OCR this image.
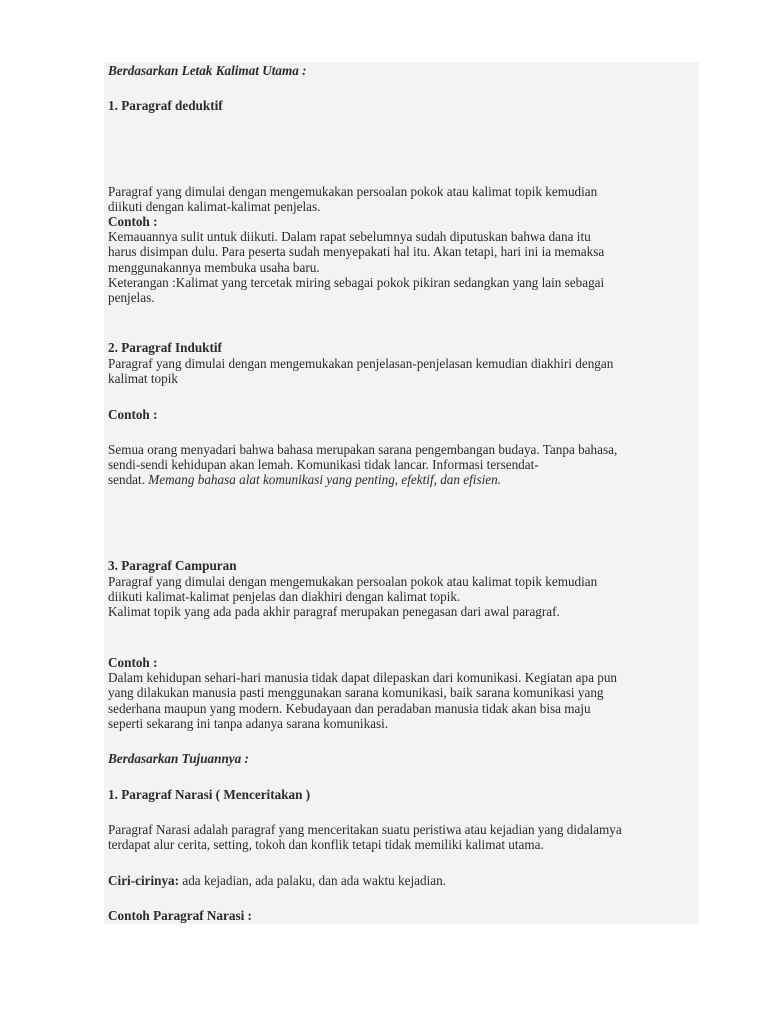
Berdasarkan Letak Kalimat Utama :

1. Paragraf deduktif

Paragraf yang dimulai dengan mengemukakan persoalan pokok atau kalimat topik kemudian

diikuti dengan kalimat-kalimat penjelas.

Contoh :

Kemauannya sulit untuk diikuti. Dalam rapat sebelumnya sudah diputuskan bahwa dana itu

harus disimpan dulu. Para peserta sudah menyepakati hal itu. Akan tetapi, hari ini ia memaksa

menggunakannya membuka usaha baru.

Keterangan :Kalimat yang tercetak miring sebagai pokok pikiran sedangkan yang lain sebagai

penjelas.

2. Paragraf Induktif

Paragraf yang dimulai dengan mengemukakan penjelasan-penjelasan kemudian diakhiri dengan

kalimat topik

Contoh :

Semua orang menyadari bahwa bahasa merupakan sarana pengembangan budaya. Tanpa bahasa,

sendi-sendi kehidupan akan lemah. Komunikasi tidak lancar. Informasi tersendat-

sendat. Memang bahasa alat komunikasi yang penting, efektif, dan efisien.

3. Paragraf Campuran

Paragraf yang dimulai dengan mengemukakan persoalan pokok atau kalimat topik kemudian

diikuti kalimat-kalimat penjelas dan diakhiri dengan kalimat topik.

Kalimat topik yang ada pada akhir paragraf merupakan penegasan dari awal paragraf.

Contoh :

Dalam kehidupan sehari-hari manusia tidak dapat dilepaskan dari komunikasi. Kegiatan apa pun

yang dilakukan manusia pasti menggunakan sarana komunikasi, baik sarana komunikasi yang

sederhana maupun yang modern. Kebudayaan dan peradaban manusia tidak akan bisa maju

seperti sekarang ini tanpa adanya sarana komunikasi.

Berdasarkan Tujuannya :

1. Paragraf Narasi ( Menceritakan )

Paragraf Narasi adalah paragraf yang menceritakan suatu peristiwa atau kejadian yang didalamya

terdapat alur cerita, setting, tokoh dan konflik tetapi tidak memiliki kalimat utama.

Ciri-cirinya: ada kejadian, ada palaku, dan ada waktu kejadian.

Contoh Paragraf Narasi :
